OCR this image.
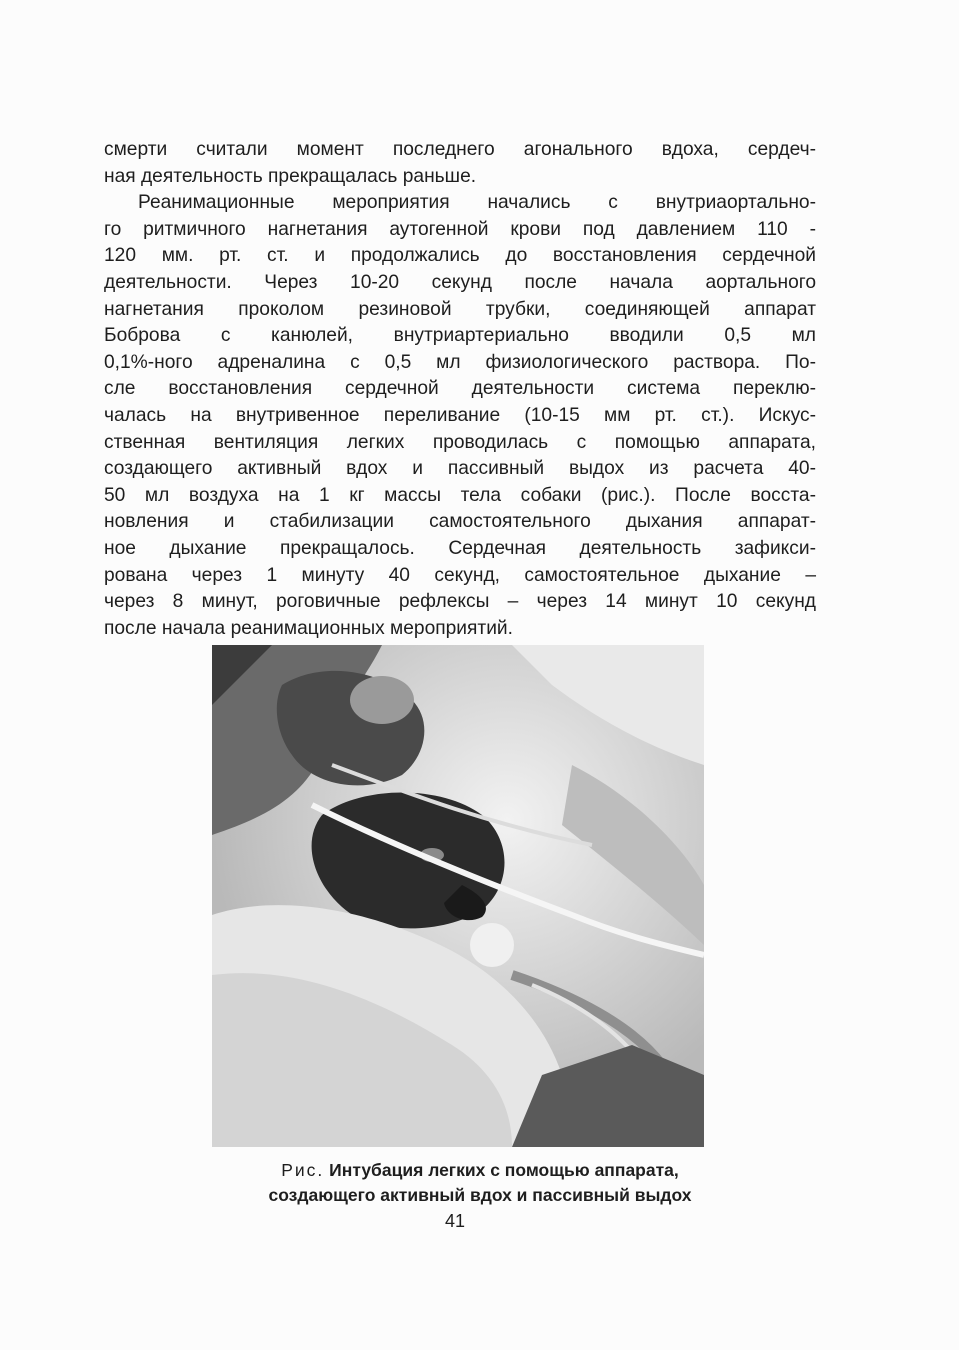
смерти считали момент последнего агонального вдоха, сердеч-
ная деятельность прекращалась раньше.
Реанимационные мероприятия начались с внутриаортально-
го ритмичного нагнетания аутогенной крови под давлением 110 -
120 мм. рт. ст. и продолжались до восстановления сердечной
деятельности. Через 10-20 секунд после начала аортального
нагнетания проколом резиновой трубки, соединяющей аппарат
Боброва с канюлей, внутриартериально вводили 0,5 мл
0,1%-ного адреналина с 0,5 мл физиологического раствора. По-
сле восстановления сердечной деятельности система переклю-
чалась на внутривенное переливание (10-15 мм рт. ст.). Искус-
ственная вентиляция легких проводилась с помощью аппарата,
создающего активный вдох и пассивный выдох из расчета 40-
50 мл воздуха на 1 кг массы тела собаки (рис.). После восста-
новления и стабилизации самостоятельного дыхания аппарат-
ное дыхание прекращалось. Сердечная деятельность зафикси-
рована через 1 минуту 40 секунд, самостоятельное дыхание –
через 8 минут, роговичные рефлексы – через 14 минут 10 секунд
после начала реанимационных мероприятий.
Рис. Интубация легких с помощью аппарата,
создающего активный вдох и пассивный выдох
41
